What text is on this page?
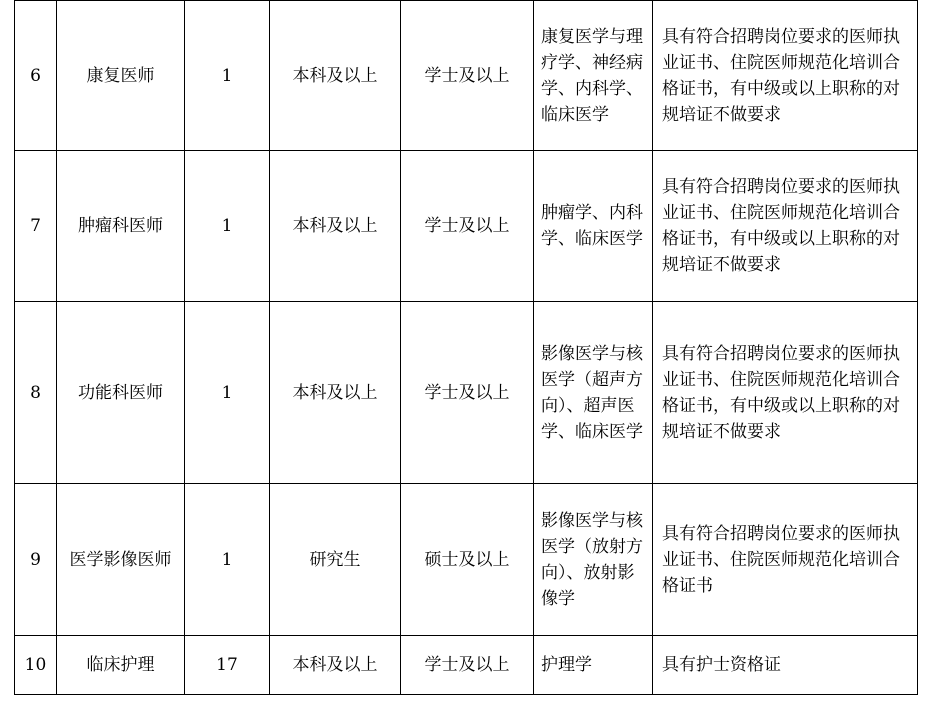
6	康复医师	1	本科及以上	学士及以上	康复医学与理疗学、神经病学、内科学、临床医学	具有符合招聘岗位要求的医师执业证书、住院医师规范化培训合格证书，有中级或以上职称的对规培证不做要求
7	肿瘤科医师	1	本科及以上	学士及以上	肿瘤学、内科学、临床医学	具有符合招聘岗位要求的医师执业证书、住院医师规范化培训合格证书，有中级或以上职称的对规培证不做要求
8	功能科医师	1	本科及以上	学士及以上	影像医学与核医学（超声方向）、超声医学、临床医学	具有符合招聘岗位要求的医师执业证书、住院医师规范化培训合格证书，有中级或以上职称的对规培证不做要求
9	医学影像医师	1	研究生	硕士及以上	影像医学与核医学（放射方向）、放射影像学	具有符合招聘岗位要求的医师执业证书、住院医师规范化培训合格证书
10	临床护理	17	本科及以上	学士及以上	护理学	具有护士资格证
